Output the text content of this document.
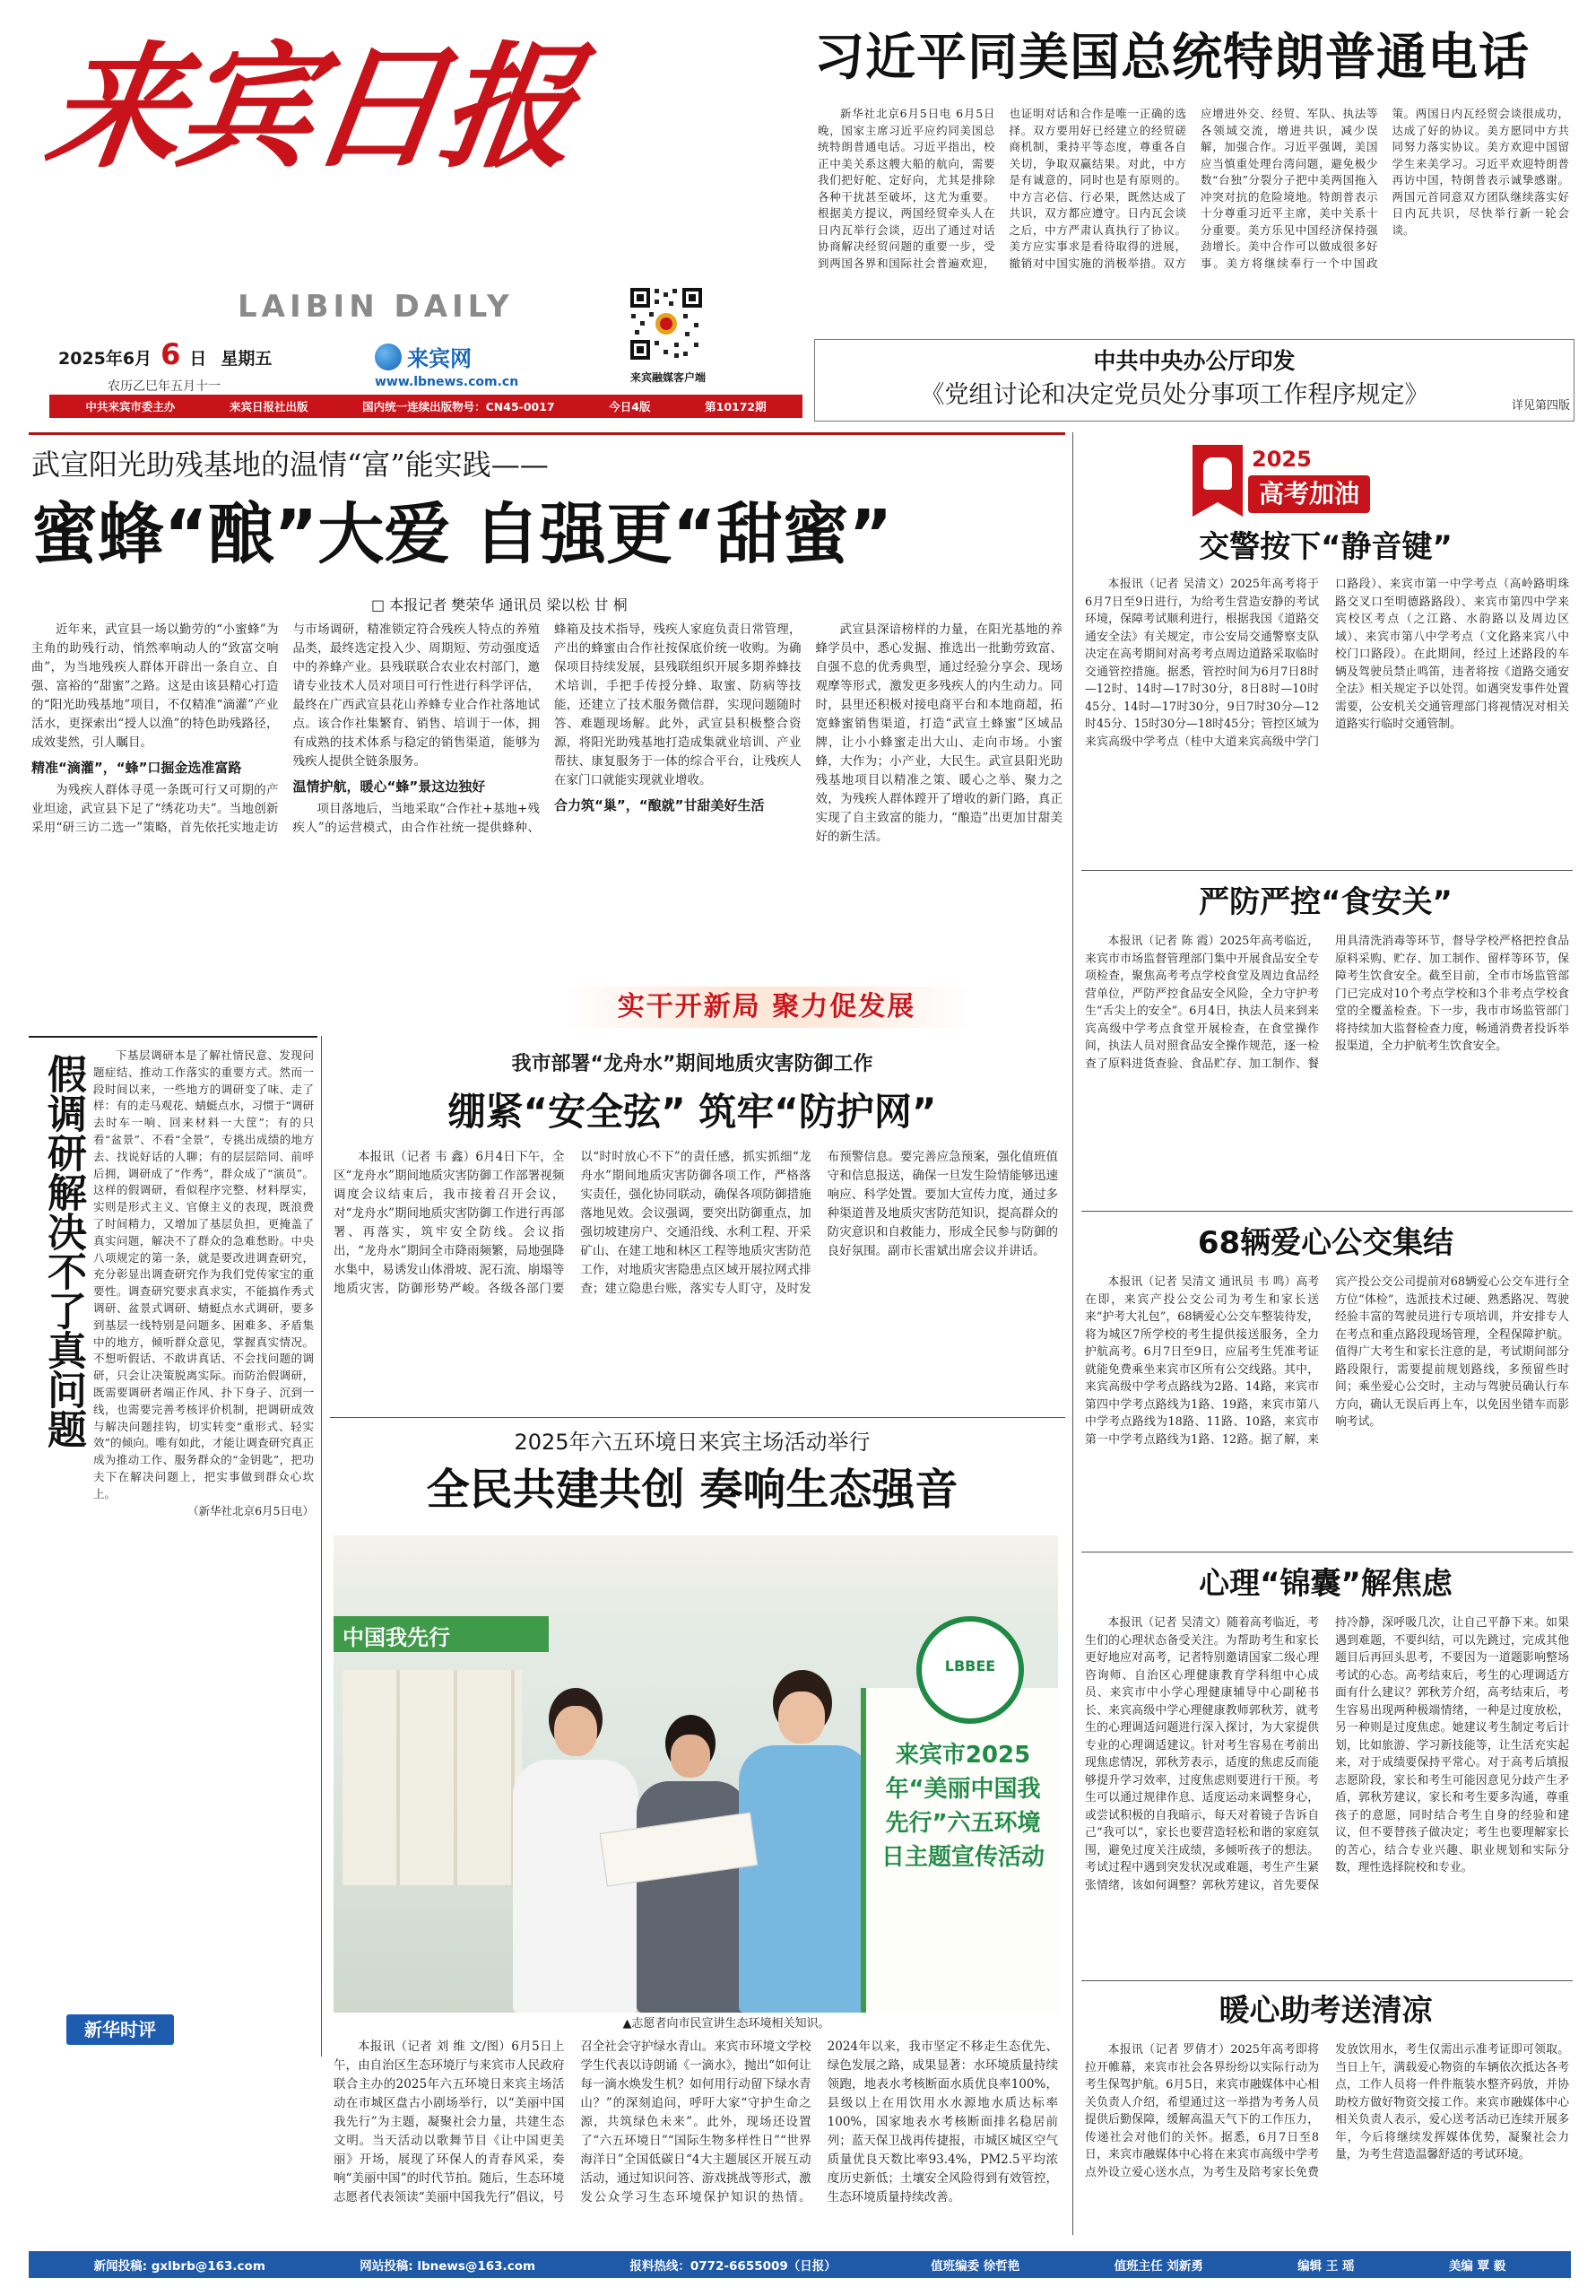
来宾日报
LAIBIN DAILY
2025年6月 6 日 星期五
农历乙巳年五月十一
来宾网
www.lbnews.com.cn	来宾融媒客户端
中共来宾市委主办	来宾日报社出版	国内统一连续出版物号：CN45-0017	今日4版	第10172期
习近平同美国总统特朗普通电话

新华社北京6月5日电 6月5日晚，国家主席习近平应约同美国总统特朗普通电话。习近平指出，校正中美关系这艘大船的航向，需要我们把好舵、定好向，尤其是排除各种干扰甚至破坏，这尤为重要。根据美方提议，两国经贸牵头人在日内瓦举行会谈，迈出了通过对话协商解决经贸问题的重要一步，受到两国各界和国际社会普遍欢迎，也证明对话和合作是唯一正确的选择。双方要用好已经建立的经贸磋商机制，秉持平等态度，尊重各自关切，争取双赢结果。对此，中方是有诚意的，同时也是有原则的。中方言必信、行必果，既然达成了共识，双方都应遵守。日内瓦会谈之后，中方严肃认真执行了协议。美方应实事求是看待取得的进展，撤销对中国实施的消极举措。双方应增进外交、经贸、军队、执法等各领域交流，增进共识，减少误解，加强合作。习近平强调，美国应当慎重处理台湾问题，避免极少数“台独”分裂分子把中美两国拖入冲突对抗的危险境地。特朗普表示十分尊重习近平主席，美中关系十分重要。美方乐见中国经济保持强劲增长。美中合作可以做成很多好事。美方将继续奉行一个中国政策。两国日内瓦经贸会谈很成功，达成了好的协议。美方愿同中方共同努力落实协议。美方欢迎中国留学生来美学习。习近平欢迎特朗普再访中国，特朗普表示诚挚感谢。两国元首同意双方团队继续落实好日内瓦共识，尽快举行新一轮会谈。

中共中央办公厅印发
《党组讨论和决定党员处分事项工作程序规定》	详见第四版
武宣阳光助残基地的温情“富”能实践——
蜜蜂“酿”大爱 自强更“甜蜜”
□ 本报记者 樊荣华 通讯员 梁以松 甘 桐

近年来，武宣县一场以勤劳的“小蜜蜂”为主角的助残行动，悄然率响动人的“致富交响曲”，为当地残疾人群体开辟出一条自立、自强、富裕的“甜蜜”之路。这是由该县精心打造的“阳光助残基地”项目，不仅精准“滴灌”产业活水，更探索出“授人以渔”的特色助残路径，成效斐然，引人瞩目。

精准“滴灌”，“蜂”口掘金选准富路

为残疾人群体寻觅一条既可行又可期的产业坦途，武宣县下足了“绣花功夫”。当地创新采用“研三访二选一”策略，首先依托实地走访与市场调研，精准锁定符合残疾人特点的养殖品类，最终选定投入少、周期短、劳动强度适中的养蜂产业。县残联联合农业农村部门，邀请专业技术人员对项目可行性进行科学评估，最终在广西武宣县花山养蜂专业合作社落地试点。该合作社集繁育、销售、培训于一体，拥有成熟的技术体系与稳定的销售渠道，能够为残疾人提供全链条服务。

温情护航，暖心“蜂”景这边独好

项目落地后，当地采取“合作社+基地+残疾人”的运营模式，由合作社统一提供蜂种、蜂箱及技术指导，残疾人家庭负责日常管理，产出的蜂蜜由合作社按保底价统一收购。为确保项目持续发展，县残联组织开展多期养蜂技术培训，手把手传授分蜂、取蜜、防病等技能，还建立了技术服务微信群，实现问题随时答、难题现场解。此外，武宣县积极整合资源，将阳光助残基地打造成集就业培训、产业帮扶、康复服务于一体的综合平台，让残疾人在家门口就能实现就业增收。

合力筑“巢”，“酿就”甘甜美好生活

武宣县深谙榜样的力量，在阳光基地的养蜂学员中，悉心发掘、推选出一批勤劳致富、自强不息的优秀典型，通过经验分享会、现场观摩等形式，激发更多残疾人的内生动力。同时，县里还积极对接电商平台和本地商超，拓宽蜂蜜销售渠道，打造“武宣土蜂蜜”区域品牌，让小小蜂蜜走出大山、走向市场。小蜜蜂，大作为；小产业，大民生。武宣县阳光助残基地项目以精准之策、暖心之举、聚力之效，为残疾人群体蹚开了增收的新门路，真正实现了自主致富的能力，“酿造”出更加甘甜美好的新生活。

实干开新局 聚力促发展
假调研解决不了真问题	下基层调研本是了解社情民意、发现问题症结、推动工作落实的重要方式。然而一段时间以来，一些地方的调研变了味、走了样：有的走马观花、蜻蜓点水，习惯于“调研去时车一响、回来材料一大筐”；有的只看“盆景”、不看“全景”，专挑出成绩的地方去、找说好话的人聊；有的层层陪同、前呼后拥，调研成了“作秀”，群众成了“演员”。这样的假调研，看似程序完整、材料厚实，实则是形式主义、官僚主义的表现，既浪费了时间精力，又增加了基层负担，更掩盖了真实问题，解决不了群众的急难愁盼。中央八项规定的第一条，就是要改进调查研究，充分彰显出调查研究作为我们党传家宝的重要性。调查研究要求真求实，不能搞作秀式调研、盆景式调研、蜻蜓点水式调研，要多到基层一线特别是问题多、困难多、矛盾集中的地方，倾听群众意见，掌握真实情况。不想听假话、不敢讲真话、不会找问题的调研，只会让决策脱离实际。而防治假调研，既需要调研者端正作风、扑下身子、沉到一线，也需要完善考核评价机制，把调研成效与解决问题挂钩，切实转变“重形式、轻实效”的倾向。唯有如此，才能让调查研究真正成为推动工作、服务群众的“金钥匙”，把功夫下在解决问题上，把实事做到群众心坎上。

（新华社北京6月5日电）

新华时评
我市部署“龙舟水”期间地质灾害防御工作
绷紧“安全弦” 筑牢“防护网”

本报讯（记者 韦 鑫）6月4日下午，全区“龙舟水”期间地质灾害防御工作部署视频调度会议结束后，我市接着召开会议，对“龙舟水”期间地质灾害防御工作进行再部署、再落实，筑牢安全防线。会议指出，“龙舟水”期间全市降雨频繁，局地强降水集中，易诱发山体滑坡、泥石流、崩塌等地质灾害，防御形势严峻。各级各部门要以“时时放心不下”的责任感，抓实抓细“龙舟水”期间地质灾害防御各项工作，严格落实责任，强化协同联动，确保各项防御措施落地见效。会议强调，要突出防御重点，加强切坡建房户、交通沿线、水利工程、开采矿山、在建工地和林区工程等地质灾害防范工作，对地质灾害隐患点区域开展拉网式排查；建立隐患台账，落实专人盯守，及时发布预警信息。要完善应急预案，强化值班值守和信息报送，确保一旦发生险情能够迅速响应、科学处置。要加大宣传力度，通过多种渠道普及地质灾害防范知识，提高群众的防灾意识和自救能力，形成全民参与防御的良好氛围。副市长雷斌出席会议并讲话。

2025年六五环境日来宾主场活动举行
全民共建共创 奏响生态强音
中国我先行
LBBEE
来宾市2025年“美丽中国我先行”六五环境日主题宣传活动
▲志愿者向市民宣讲生态环境相关知识。

本报讯（记者 刘 维 文/图）6月5日上午，由自治区生态环境厅与来宾市人民政府联合主办的2025年六五环境日来宾主场活动在市城区盘古小剧场举行，以“美丽中国我先行”为主题，凝聚社会力量，共建生态文明。当天活动以歌舞节目《让中国更美丽》开场，展现了环保人的青春风采，奏响“美丽中国”的时代节拍。随后，生态环境志愿者代表领读“美丽中国我先行”倡议，号召全社会守护绿水青山。来宾市环境文学校学生代表以诗朗诵《一滴水》，抛出“如何让每一滴水焕发生机？如何用行动留下绿水青山？”的深刻追问，呼吁大家“守护生命之源，共筑绿色未来”。此外，现场还设置了“六五环境日”“国际生物多样性日”“世界海洋日”全国低碳日“4大主题展区开展互动活动，通过知识问答、游戏挑战等形式，激发公众学习生态环境保护知识的热情。2024年以来，我市坚定不移走生态优先、绿色发展之路，成果显著：水环境质量持续领跑，地表水考核断面水质优良率100%，县级以上在用饮用水水源地水质达标率100%，国家地表水考核断面排名稳居前列；蓝天保卫战再传捷报，市城区城区空气质量优良天数比率93.4%，PM2.5平均浓度历史新低；土壤安全风险得到有效管控，生态环境质量持续改善。

2025
高考加油
交警按下“静音键”

本报讯（记者 吴清文）2025年高考将于6月7日至9日进行，为给考生营造安静的考试环境，保障考试顺利进行，根据我国《道路交通安全法》有关规定，市公安局交通警察支队决定在高考期间对高考考点周边道路采取临时交通管控措施。据悉，管控时间为6月7日8时—12时、14时—17时30分，8日8时—10时45分、14时—17时30分，9日7时30分—12时45分、15时30分—18时45分；管控区域为来宾高级中学考点（桂中大道来宾高级中学门口路段）、来宾市第一中学考点（高岭路明珠路交叉口至明德路路段）、来宾市第四中学来宾校区考点（之江路、水韵路以及周边区域）、来宾市第八中学考点（文化路来宾八中校门口路段）。在此期间，经过上述路段的车辆及驾驶员禁止鸣笛，违者将按《道路交通安全法》相关规定予以处罚。如遇突发事件处置需要，公安机关交通管理部门将视情况对相关道路实行临时交通管制。

严防严控“食安关”

本报讯（记者 陈 霞）2025年高考临近，来宾市市场监督管理部门集中开展食品安全专项检查，聚焦高考考点学校食堂及周边食品经营单位，严防严控食品安全风险，全力守护考生“舌尖上的安全”。6月4日，执法人员来到来宾高级中学考点食堂开展检查，在食堂操作间，执法人员对照食品安全操作规范，逐一检查了原料进货查验、食品贮存、加工制作、餐用具清洗消毒等环节，督导学校严格把控食品原料采购、贮存、加工制作、留样等环节，保障考生饮食安全。截至目前，全市市场监管部门已完成对10个考点学校和3个非考点学校食堂的全覆盖检查。下一步，我市市场监管部门将持续加大监督检查力度，畅通消费者投诉举报渠道，全力护航考生饮食安全。

68辆爱心公交集结

本报讯（记者 吴清文 通讯员 韦 鸣）高考在即，来宾产投公交公司为考生和家长送来“护考大礼包”，68辆爱心公交车整装待发，将为城区7所学校的考生提供接送服务，全力护航高考。6月7日至9日，应届考生凭准考证就能免费乘坐来宾市区所有公交线路。其中，来宾高级中学考点路线为2路、14路，来宾市第四中学考点路线为1路、19路，来宾市第八中学考点路线为18路、11路、10路，来宾市第一中学考点路线为1路、12路。据了解，来宾产投公交公司提前对68辆爱心公交车进行全方位“体检”，选派技术过硬、熟悉路况、驾驶经验丰富的驾驶员进行专项培训，并安排专人在考点和重点路段现场管理，全程保障护航。值得广大考生和家长注意的是，考试期间部分路段限行，需要提前规划路线，多预留些时间；乘坐爱心公交时，主动与驾驶员确认行车方向，确认无误后再上车，以免因坐错车而影响考试。

心理“锦囊”解焦虑

本报讯（记者 吴清文）随着高考临近，考生们的心理状态备受关注。为帮助考生和家长更好地应对高考，记者特别邀请国家二级心理咨询师、自治区心理健康教育学科组中心成员、来宾市中小学心理健康辅导中心副秘书长、来宾高级中学心理健康教师郭秋芳，就考生的心理调适问题进行深入探讨，为大家提供专业的心理调适建议。针对考生容易在考前出现焦虑情况，郭秋芳表示，适度的焦虑反而能够提升学习效率，过度焦虑则要进行干预。考生可以通过规律作息、适度运动来调整身心，或尝试积极的自我暗示，每天对着镜子告诉自己“我可以”，家长也要营造轻松和谐的家庭氛围，避免过度关注成绩，多倾听孩子的想法。考试过程中遇到突发状况或难题，考生产生紧张情绪，该如何调整？郭秋芳建议，首先要保持冷静，深呼吸几次，让自己平静下来。如果遇到难题，不要纠结，可以先跳过，完成其他题目后再回头思考，不要因为一道题影响整场考试的心态。高考结束后，考生的心理调适方面有什么建议？郭秋芳介绍，高考结束后，考生容易出现两种极端情绪，一种是过度放松，另一种则是过度焦虑。她建议考生制定考后计划，比如旅游、学习新技能等，让生活充实起来，对于成绩要保持平常心。对于高考后填报志愿阶段，家长和考生可能因意见分歧产生矛盾，郭秋芳建议，家长和考生要多沟通，尊重孩子的意愿，同时结合考生自身的经验和建议，但不要替孩子做决定；考生也要理解家长的苦心，结合专业兴趣、职业规划和实际分数，理性选择院校和专业。

暖心助考送清凉

本报讯（记者 罗倩才）2025年高考即将拉开帷幕，来宾市社会各界纷纷以实际行动为考生保驾护航。6月5日，来宾市融媒体中心相关负责人介绍，希望通过这一举措为考务人员提供后勤保障，缓解高温天气下的工作压力，传递社会对他们的关怀。据悉，6月7日至8日，来宾市融媒体中心将在来宾市高级中学考点外设立爱心送水点，为考生及陪考家长免费发放饮用水，考生仅需出示准考证即可领取。当日上午，满载爱心物资的车辆依次抵达各考点，工作人员将一件件瓶装水整齐码放，并协助校方做好物资交接工作。来宾市融媒体中心相关负责人表示，爱心送考活动已连续开展多年，今后将继续发挥媒体优势，凝聚社会力量，为考生营造温馨舒适的考试环境。

新闻投稿: gxlbrb@163.com	网站投稿: lbnews@163.com	报料热线：0772-6655009（日报）	值班编委 徐哲艳	值班主任 刘新勇	编辑 王 瑶	美编 覃 毅
